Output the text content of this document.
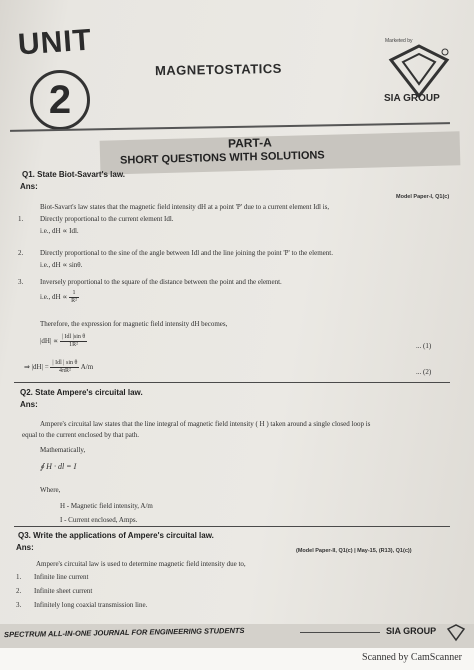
UNIT
2
MAGNETOSTATICS
Marketed by
SIA GROUP
PART-A
SHORT QUESTIONS WITH SOLUTIONS
Q1. State Biot-Savart's law.
Ans:
Model Paper-I, Q1(c)
Biot-Savart's law states that the magnetic field intensity dH at a point 'P' due to a current element Idl is,
1. Directly proportional to the current element Idl.
i.e., dH ∝ Idl.
2. Directly proportional to the sine of the angle between Idl and the line joining the point 'P' to the element.
i.e., dH ∝ sinθ.
3. Inversely proportional to the square of the distance between the point and the element.
i.e., dH ∝ $\frac{1}{\text{R²}}$
Therefore, the expression for magnetic field intensity dH becomes,
$|dH| \propto \frac{\text{| Idl |sin θ}}{\text{1R²}}$	... (1)
⇒ $|dH| = \frac{\text{| Idl | sin θ}}{\text{4πR²}} A/m$
... (2)
Q2. State Ampere's circuital law.
Ans:
Ampere's circuital law states that the line integral of magnetic field intensity ( H ) taken around a single closed loop is
equal to the current enclosed by that path.
Mathematically,
∮ H · dl = I
Where,
H - Magnetic field intensity, A/m
I - Current enclosed, Amps.
Q3. Write the applications of Ampere's circuital law.
Ans:	(Model Paper-II, Q1(c) | May-15, (R13), Q1(c))
Ampere's circuital law is used to determine magnetic field intensity due to,
1. Infinite line current
2. Infinite sheet current
3. Infinitely long coaxial transmission line.
SPECTRUM ALL-IN-ONE JOURNAL FOR ENGINEERING STUDENTS	SIA GROUP
Scanned by CamScanner
